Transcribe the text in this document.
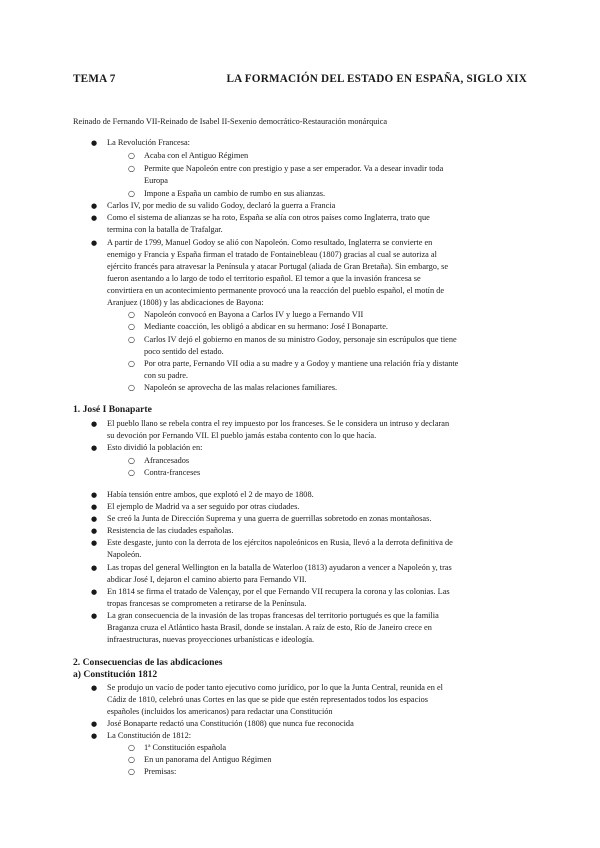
TEMA 7	LA FORMACIÓN DEL ESTADO EN ESPAÑA, SIGLO XIX
Reinado de Fernando VII-Reinado de Isabel II-Sexenio democrático-Restauración monárquica
● La Revolución Francesa:
○ Acaba con el Antiguo Régimen
○ Permite que Napoleón entre con prestigio y pase a ser emperador. Va a desear invadir toda
Europa
○ Impone a España un cambio de rumbo en sus alianzas.
● Carlos IV, por medio de su valido Godoy, declaró la guerra a Francia
● Como el sistema de alianzas se ha roto, España se alía con otros países como Inglaterra, trato que
termina con la batalla de Trafalgar.
● A partir de 1799, Manuel Godoy se alió con Napoleón. Como resultado, Inglaterra se convierte en
enemigo y Francia y España firman el tratado de Fontainebleau (1807) gracias al cual se autoriza al
ejército francés para atravesar la Península y atacar Portugal (aliada de Gran Bretaña). Sin embargo, se
fueron asentando a lo largo de todo el territorio español. El temor a que la invasión francesa se
convirtiera en un acontecimiento permanente provocó una la reacción del pueblo español, el motín de
Aranjuez (1808) y las abdicaciones de Bayona:
○ Napoleón convocó en Bayona a Carlos IV y luego a Fernando VII
○ Mediante coacción, les obligó a abdicar en su hermano: José I Bonaparte.
○ Carlos IV dejó el gobierno en manos de su ministro Godoy, personaje sin escrúpulos que tiene
poco sentido del estado.
○ Por otra parte, Fernando VII odia a su madre y a Godoy y mantiene una relación fría y distante
con su padre.
○ Napoleón se aprovecha de las malas relaciones familiares.
1. José I Bonaparte
● El pueblo llano se rebela contra el rey impuesto por los franceses. Se le considera un intruso y declaran
su devoción por Fernando VII. El pueblo jamás estaba contento con lo que hacía.
● Esto dividió la población en:
○ Afrancesados
○ Contra-franceses
● Había tensión entre ambos, que explotó el 2 de mayo de 1808.
● El ejemplo de Madrid va a ser seguido por otras ciudades.
● Se creó la Junta de Dirección Suprema y una guerra de guerrillas sobretodo en zonas montañosas.
● Resistencia de las ciudades españolas.
● Este desgaste, junto con la derrota de los ejércitos napoleónicos en Rusia, llevó a la derrota definitiva de
Napoleón.
● Las tropas del general Wellington en la batalla de Waterloo (1813) ayudaron a vencer a Napoleón y, tras
abdicar José I, dejaron el camino abierto para Fernando VII.
● En 1814 se firma el tratado de Valençay, por el que Fernando VII recupera la corona y las colonias. Las
tropas francesas se comprometen a retirarse de la Península.
● La gran consecuencia de la invasión de las tropas francesas del territorio portugués es que la familia
Braganza cruza el Atlántico hasta Brasil, donde se instalan. A raíz de esto, Río de Janeiro crece en
infraestructuras, nuevas proyecciones urbanísticas e ideología.
2. Consecuencias de las abdicaciones
a) Constitución 1812
● Se produjo un vacío de poder tanto ejecutivo como jurídico, por lo que la Junta Central, reunida en el
Cádiz de 1810, celebró unas Cortes en las que se pide que estén representados todos los espacios
españoles (incluidos los americanos) para redactar una Constitución
● José Bonaparte redactó una Constitución (1808) que nunca fue reconocida
● La Constitución de 1812:
○ 1ª Constitución española
○ En un panorama del Antiguo Régimen
○ Premisas:
